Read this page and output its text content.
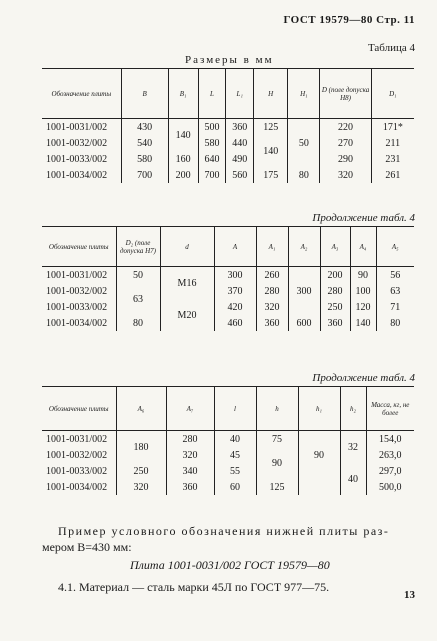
ГОСТ 19579—80 Стр. 11
Таблица 4
Размеры в мм
Обозначение плиты	B	B₁	L	L₁	H	H₁	D (поле допуска H8)	D₁
1001-0031/002	430	140	500	360	125	50	220	171*
1001-0032/002	540		580	440	140		270	211
1001-0033/002	580	160	640	490			290	231
1001-0034/002	700	200	700	560	175	80	320	261
Продолжение табл. 4
Обозначение плиты	D₂ (поле допуска H7)	d	A	A₁	A₂	A₃	A₄	A₅
1001-0031/002	50	M16	300	260	300	200	90	56
1001-0032/002	63		370	280		280	100	63
1001-0033/002		M20	420	320		250	120	71
1001-0034/002	80		460	360	600	360	140	80
Продолжение табл. 4
Обозначение плиты	A₆	A₇	l	h	h₁	h₂	Масса, кг, не более
1001-0031/002	180	280	40	75	90	32	154,0
1001-0032/002		320	45	90			263,0
1001-0033/002	250	340	55			40	297,0
1001-0034/002	320	360	60	125			500,0
Пример условного обозначения нижней плиты раз-
мером B=430 мм:
Плита 1001-0031/002 ГОСТ 19579—80
4.1. Материал — сталь марки 45Л по ГОСТ 977—75.
13
